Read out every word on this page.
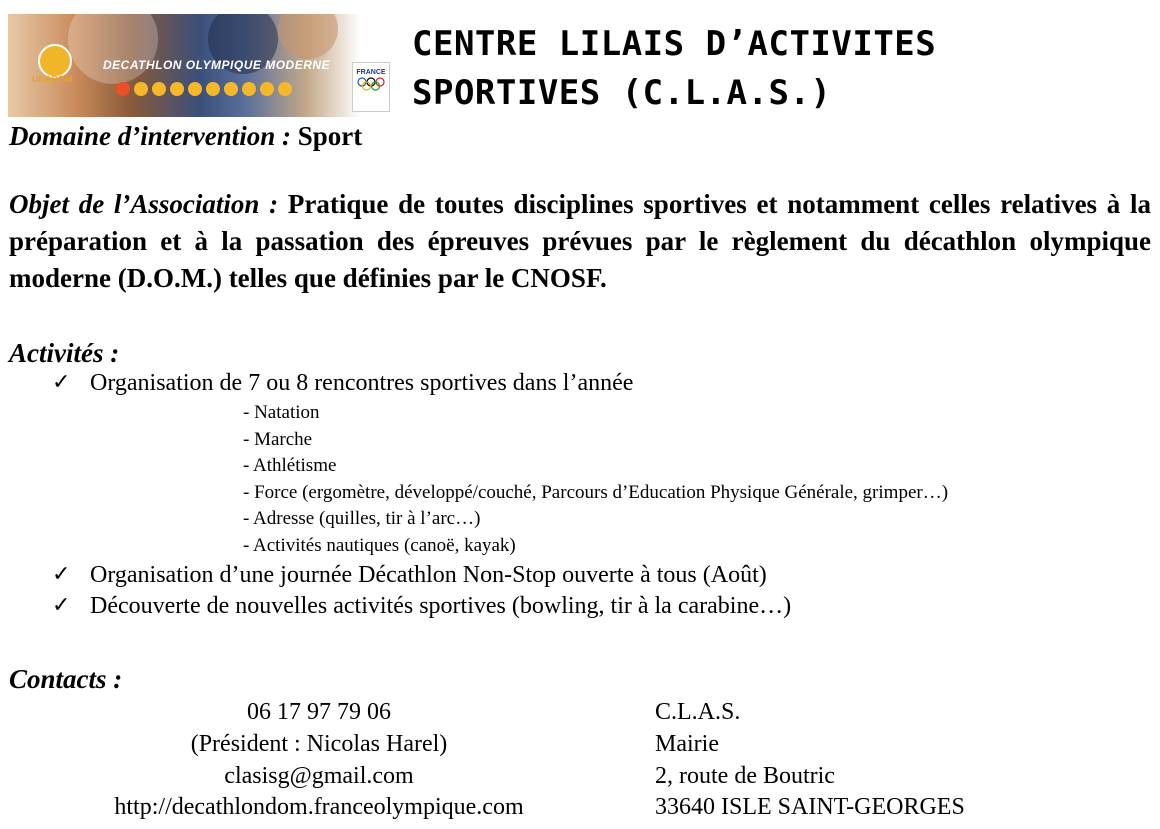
UNADOM
DECATHLON OLYMPIQUE MODERNE
FRANCE
CENTRE LILAIS D’ACTIVITES
SPORTIVES (C.L.A.S.)
Domaine d’intervention : Sport
Objet de l’Association : Pratique de toutes disciplines sportives et notamment celles relatives à la préparation et à la passation des épreuves prévues par le règlement du décathlon olympique moderne (D.O.M.) telles que définies par le CNOSF.
Activités :
✓ Organisation de 7 ou 8 rencontres sportives dans l’année
- Natation
- Marche
- Athlétisme
- Force (ergomètre, développé/couché, Parcours d’Education Physique Générale, grimper…)
- Adresse (quilles, tir à l’arc…)
- Activités nautiques (canoë, kayak)
✓ Organisation d’une journée Décathlon Non-Stop ouverte à tous (Août)
✓ Découverte de nouvelles activités sportives (bowling, tir à la carabine…)
Contacts :
06 17 97 79 06
(Président : Nicolas Harel)
clasisg@gmail.com
http://decathlondom.franceolympique.com
C.L.A.S.
Mairie
2, route de Boutric
33640 ISLE SAINT-GEORGES
